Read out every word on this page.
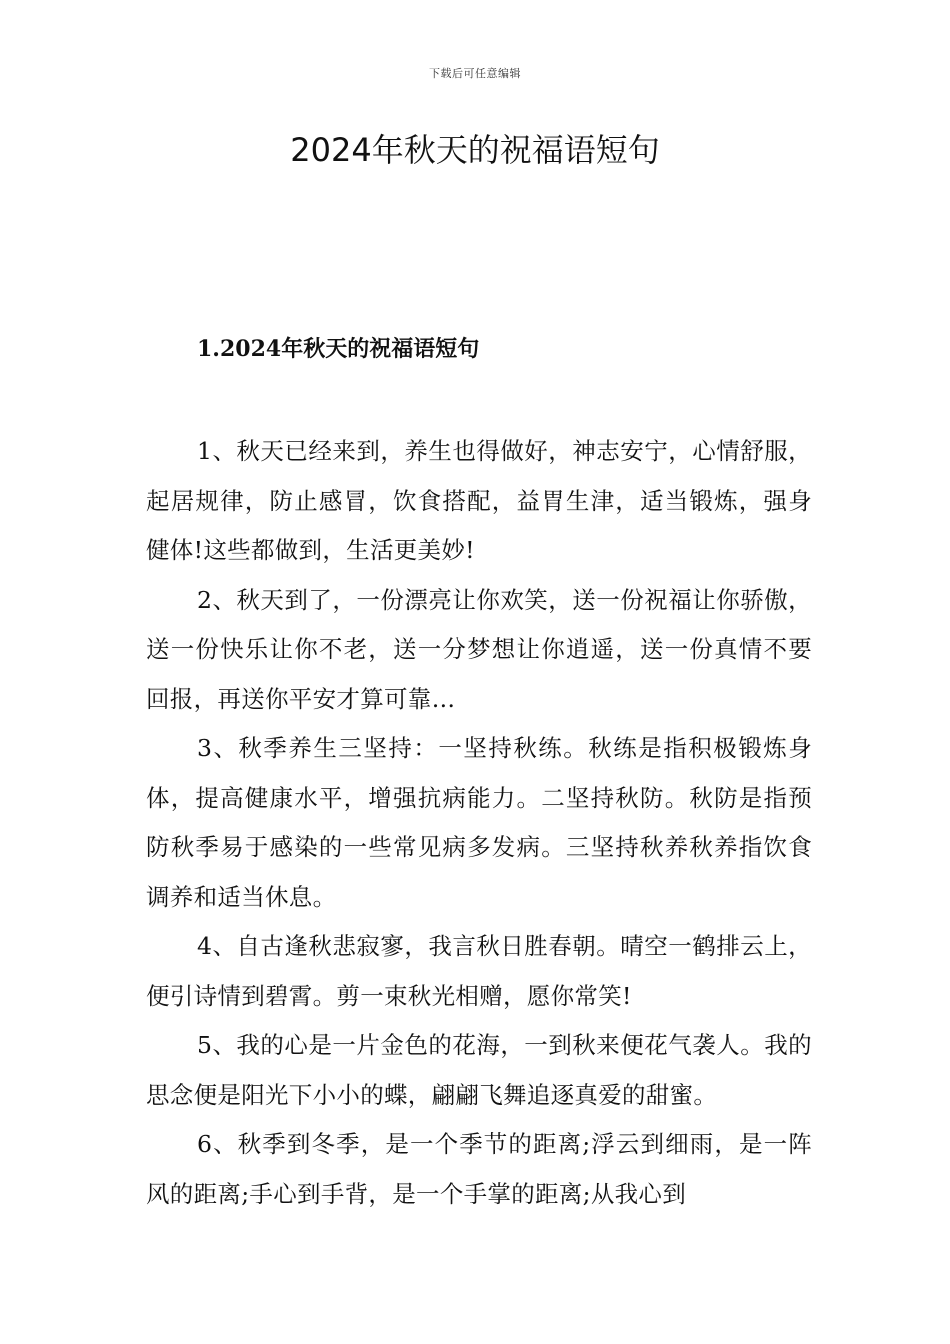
下载后可任意编辑
2024年秋天的祝福语短句
1.2024年秋天的祝福语短句

1、秋天已经来到，养生也得做好，神志安宁，心情舒服，起居规律，防止感冒，饮食搭配，益胃生津，适当锻炼，强身健体!这些都做到，生活更美妙!

2、秋天到了，一份漂亮让你欢笑，送一份祝福让你骄傲，送一份快乐让你不老，送一分梦想让你逍遥，送一份真情不要回报，再送你平安才算可靠…

3、秋季养生三坚持：一坚持秋练。秋练是指积极锻炼身体，提高健康水平，增强抗病能力。二坚持秋防。秋防是指预防秋季易于感染的一些常见病多发病。三坚持秋养秋养指饮食调养和适当休息。

4、自古逢秋悲寂寥，我言秋日胜春朝。晴空一鹤排云上，便引诗情到碧霄。剪一束秋光相赠，愿你常笑!

5、我的心是一片金色的花海，一到秋来便花气袭人。我的思念便是阳光下小小的蝶，翩翩飞舞追逐真爱的甜蜜。

6、秋季到冬季，是一个季节的距离;浮云到细雨，是一阵风的距离;手心到手背，是一个手掌的距离;从我心到
